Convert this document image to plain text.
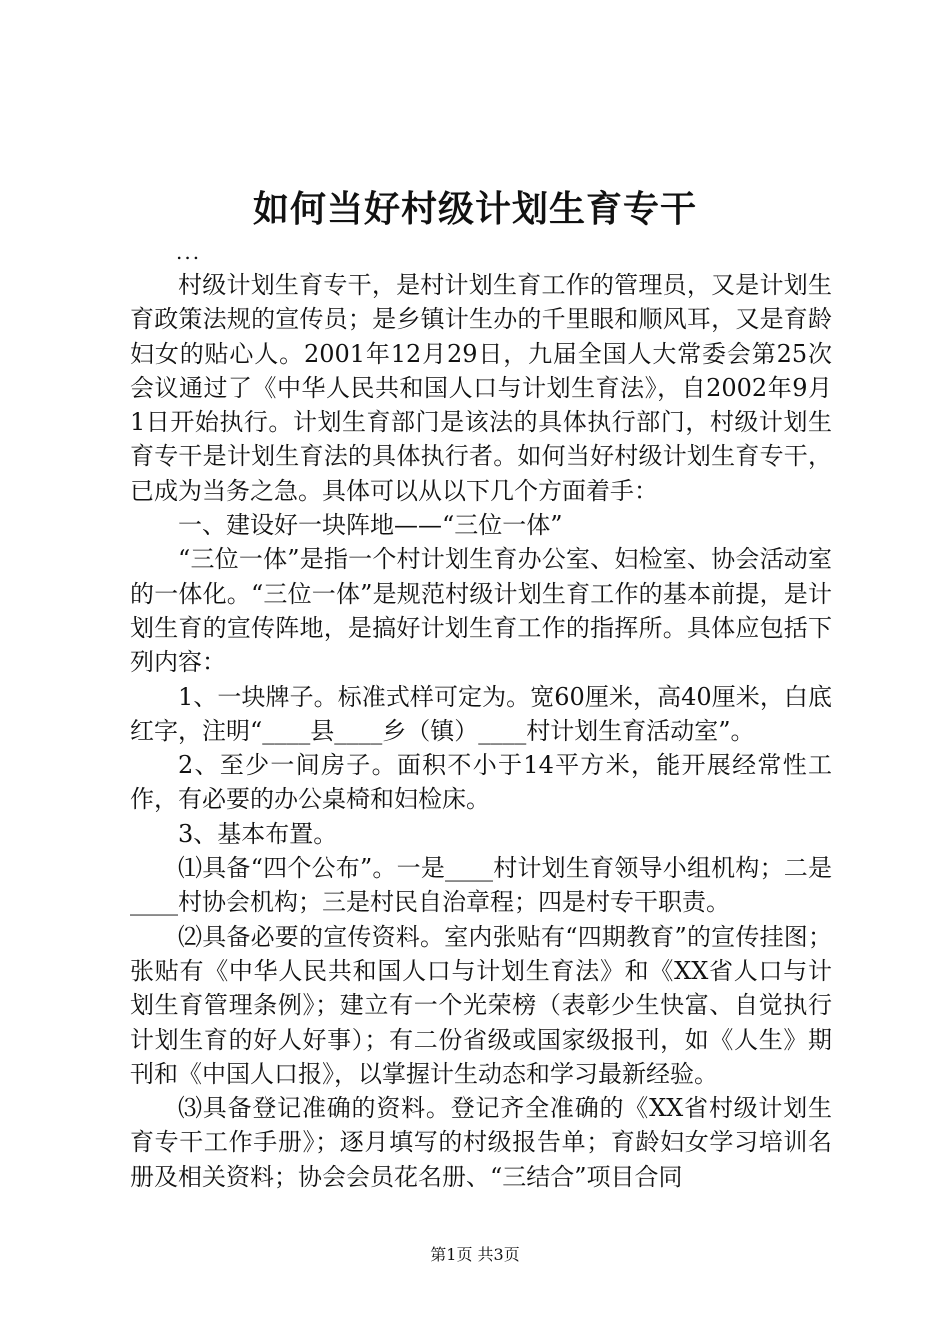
如何当好村级计划生育专干
...

村级计划生育专干，是村计划生育工作的管理员，又是计划生育政策法规的宣传员；是乡镇计生办的千里眼和顺风耳，又是育龄妇女的贴心人。2001年12月29日，九届全国人大常委会第25次会议通过了《中华人民共和国人口与计划生育法》，自2002年9月1日开始执行。计划生育部门是该法的具体执行部门，村级计划生育专干是计划生育法的具体执行者。如何当好村级计划生育专干，已成为当务之急。具体可以从以下几个方面着手：

一、建设好一块阵地——“三位一体”

“三位一体”是指一个村计划生育办公室、妇检室、协会活动室的一体化。“三位一体”是规范村级计划生育工作的基本前提，是计划生育的宣传阵地，是搞好计划生育工作的指挥所。具体应包括下列内容：

1、一块牌子。标准式样可定为。宽60厘米，高40厘米，白底红字，注明“____县____乡（镇）____村计划生育活动室”。

2、至少一间房子。面积不小于14平方米，能开展经常性工作，有必要的办公桌椅和妇检床。

3、基本布置。

⑴具备“四个公布”。一是____村计划生育领导小组机构；二是____村协会机构；三是村民自治章程；四是村专干职责。

⑵具备必要的宣传资料。室内张贴有“四期教育”的宣传挂图；张贴有《中华人民共和国人口与计划生育法》和《XX省人口与计划生育管理条例》；建立有一个光荣榜（表彰少生快富、自觉执行计划生育的好人好事）；有二份省级或国家级报刊，如《人生》期刊和《中国人口报》，以掌握计生动态和学习最新经验。

⑶具备登记准确的资料。登记齐全准确的《XX省村级计划生育专干工作手册》；逐月填写的村级报告单；育龄妇女学习培训名册及相关资料；协会会员花名册、“三结合”项目合同

第1页 共3页
